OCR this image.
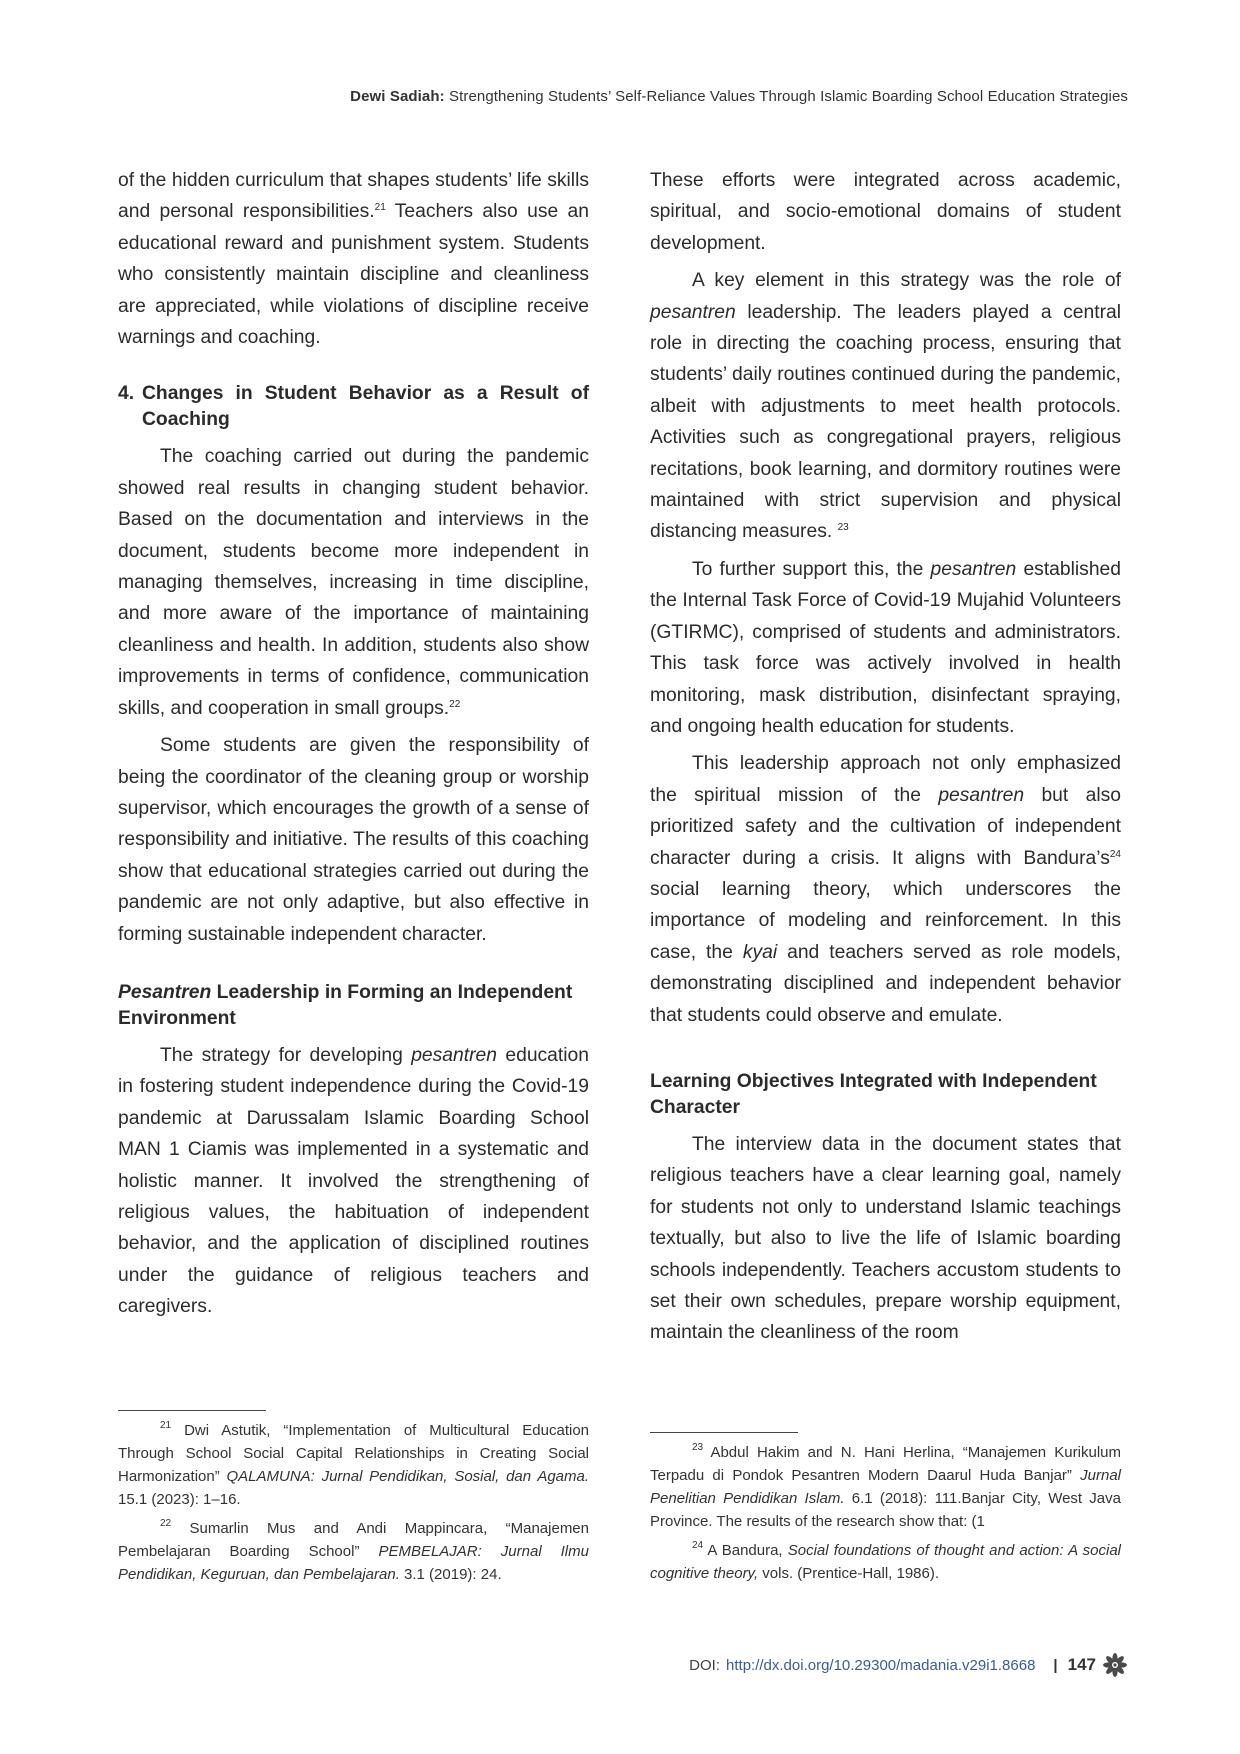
Dewi Sadiah: Strengthening Students’ Self-Reliance Values Through Islamic Boarding School Education Strategies

of the hidden curriculum that shapes students’ life skills and personal responsibilities.$^{21}$ Teachers also use an educational reward and punishment system. Students who consistently maintain discipline and cleanliness are appreciated, while violations of discipline receive warnings and coaching.

4. Changes in Student Behavior as a Result of Coaching

The coaching carried out during the pandemic showed real results in changing student behavior. Based on the documentation and interviews in the document, students become more independent in managing themselves, increasing in time discipline, and more aware of the importance of maintaining cleanliness and health. In addition, students also show improvements in terms of confidence, communication skills, and cooperation in small groups.$^{22}$

Some students are given the responsibility of being the coordinator of the cleaning group or worship supervisor, which encourages the growth of a sense of responsibility and initiative. The results of this coaching show that educational strategies carried out during the pandemic are not only adaptive, but also effective in forming sustainable independent character.

Pesantren Leadership in Forming an Independent Environment

The strategy for developing pesantren education in fostering student independence during the Covid-19 pandemic at Darussalam Islamic Boarding School MAN 1 Ciamis was implemented in a systematic and holistic manner. It involved the strengthening of religious values, the habituation of independent behavior, and the application of disciplined routines under the guidance of religious teachers and caregivers.

These efforts were integrated across academic, spiritual, and socio-emotional domains of student development.

A key element in this strategy was the role of pesantren leadership. The leaders played a central role in directing the coaching process, ensuring that students’ daily routines continued during the pandemic, albeit with adjustments to meet health protocols. Activities such as congregational prayers, religious recitations, book learning, and dormitory routines were maintained with strict supervision and physical distancing measures. $^{23}$

To further support this, the pesantren established the Internal Task Force of Covid-19 Mujahid Volunteers (GTIRMC), comprised of students and administrators. This task force was actively involved in health monitoring, mask distribution, disinfectant spraying, and ongoing health education for students.

This leadership approach not only emphasized the spiritual mission of the pesantren but also prioritized safety and the cultivation of independent character during a crisis. It aligns with $Bandura’s^{24}$ social learning theory, which underscores the importance of modeling and reinforcement. In this case, the kyai and teachers served as role models, demonstrating disciplined and independent behavior that students could observe and emulate.

Learning Objectives Integrated with Independent Character

The interview data in the document states that religious teachers have a clear learning goal, namely for students not only to understand Islamic teachings textually, but also to live the life of Islamic boarding schools independently. Teachers accustom students to set their own schedules, prepare worship equipment, maintain the cleanliness of the room

$^{21}$ Dwi Astutik, “Implementation of Multicultural Education Through School Social Capital Relationships in Creating Social Harmonization” QALAMUNA: Jurnal Pendidikan, Sosial, dan Agama. 15.1 (2023): 1–16.

$^{22}$ Sumarlin Mus and Andi Mappincara, “Manajemen Pembelajaran Boarding School” PEMBELAJAR: Jurnal Ilmu Pendidikan, Keguruan, dan Pembelajaran. 3.1 (2019): 24.

$^{23}$ Abdul Hakim and N. Hani Herlina, “Manajemen Kurikulum Terpadu di Pondok Pesantren Modern Daarul Huda Banjar” Jurnal Penelitian Pendidikan Islam. 6.1 (2018): 111.Banjar City, West Java Province. The results of the research show that: (1

$^{24}$ A Bandura, Social foundations of thought and action: A social cognitive theory, vols. (Prentice-Hall, 1986).

DOI: http://dx.doi.org/10.29300/madania.v29i1.8668 | 147
